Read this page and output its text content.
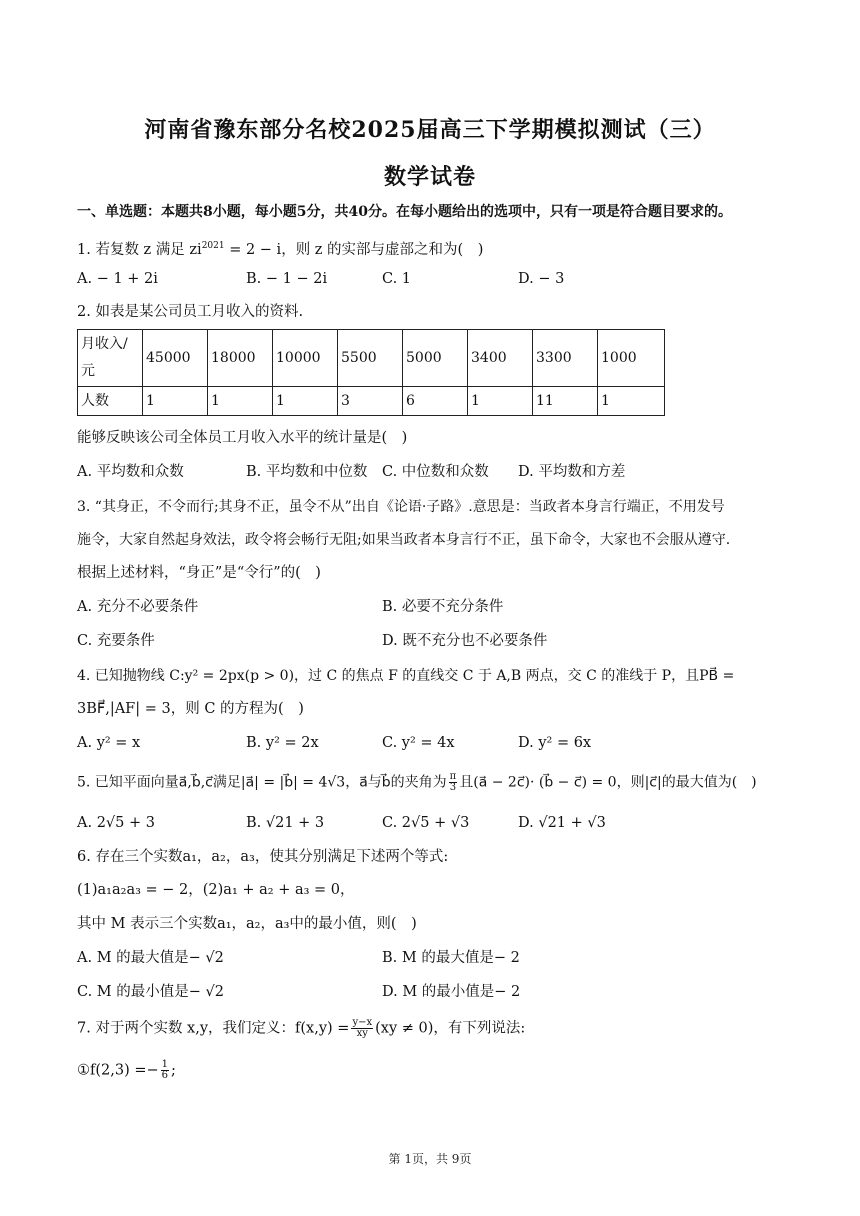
河南省豫东部分名校2025届高三下学期模拟测试（三）
数学试卷
一、单选题：本题共8小题，每小题5分，共40分。在每小题给出的选项中，只有一项是符合题目要求的。
1. 若复数 z 满足 $zi^{2021} = 2 - i$，则 z 的实部与虚部之和为(　)
A. − 1 + 2i	B. − 1 − 2i	C. 1	D. − 3
2. 如表是某公司员工月收入的资料.
月收入/元	45000	18000	10000	5500	5000	3400	3300	1000
人数	1	1	1	3	6	1	11	1
能够反映该公司全体员工月收入水平的统计量是(　)
A. 平均数和众数	B. 平均数和中位数 C. 中位数和众数 D. 平均数和方差
3. “其身正，不令而行;其身不正，虽令不从”出自《论语·子路》.意思是：当政者本身言行端正，不用发号
施令，大家自然起身效法，政令将会畅行无阻;如果当政者本身言行不正，虽下命令，大家也不会服从遵守.
根据上述材料，“身正”是“令行”的(　)
A. 充分不必要条件	B. 必要不充分条件
C. 充要条件	D. 既不充分也不必要条件
4. 已知抛物线 C:y² = 2px(p > 0)，过 C 的焦点 F 的直线交 C 于 A,B 两点，交 C 的准线于 P，且PB⃗ =
3BF⃗,|AF| = 3，则 C 的方程为(　)
A. y² = x	B. y² = 2x	C. y² = 4x	D. y² = 6x
5. 已知平面向量a⃗,b⃗,c⃗满足|a⃗| = |b⃗| = 4√3，a⃗与b⃗的夹角为 $\frac{\pi}{3}$ 且(a⃗ − 2c⃗)· (b⃗ − c⃗) = 0，则|c⃗|的最大值为(　)
A. 2√5 + 3	B. √21 + 3	C. 2√5 + √3	D. √21 + √3
6. 存在三个实数a₁，a₂，a₃，使其分别满足下述两个等式:
(1)a₁a₂a₃ = − 2，(2)a₁ + a₂ + a₃ = 0，
其中 M 表示三个实数a₁，a₂，a₃中的最小值，则(　)
A. M 的最大值是− √2	B. M 的最大值是− 2
C. M 的最小值是− √2	D. M 的最小值是− 2
7. 对于两个实数 x,y，我们定义：$f(x,y) = \frac{y-x}{xy} (xy \ne 0)$，有下列说法:
①f(2,3) =− $\frac{1}{6}$ ;
第 1页，共 9页
